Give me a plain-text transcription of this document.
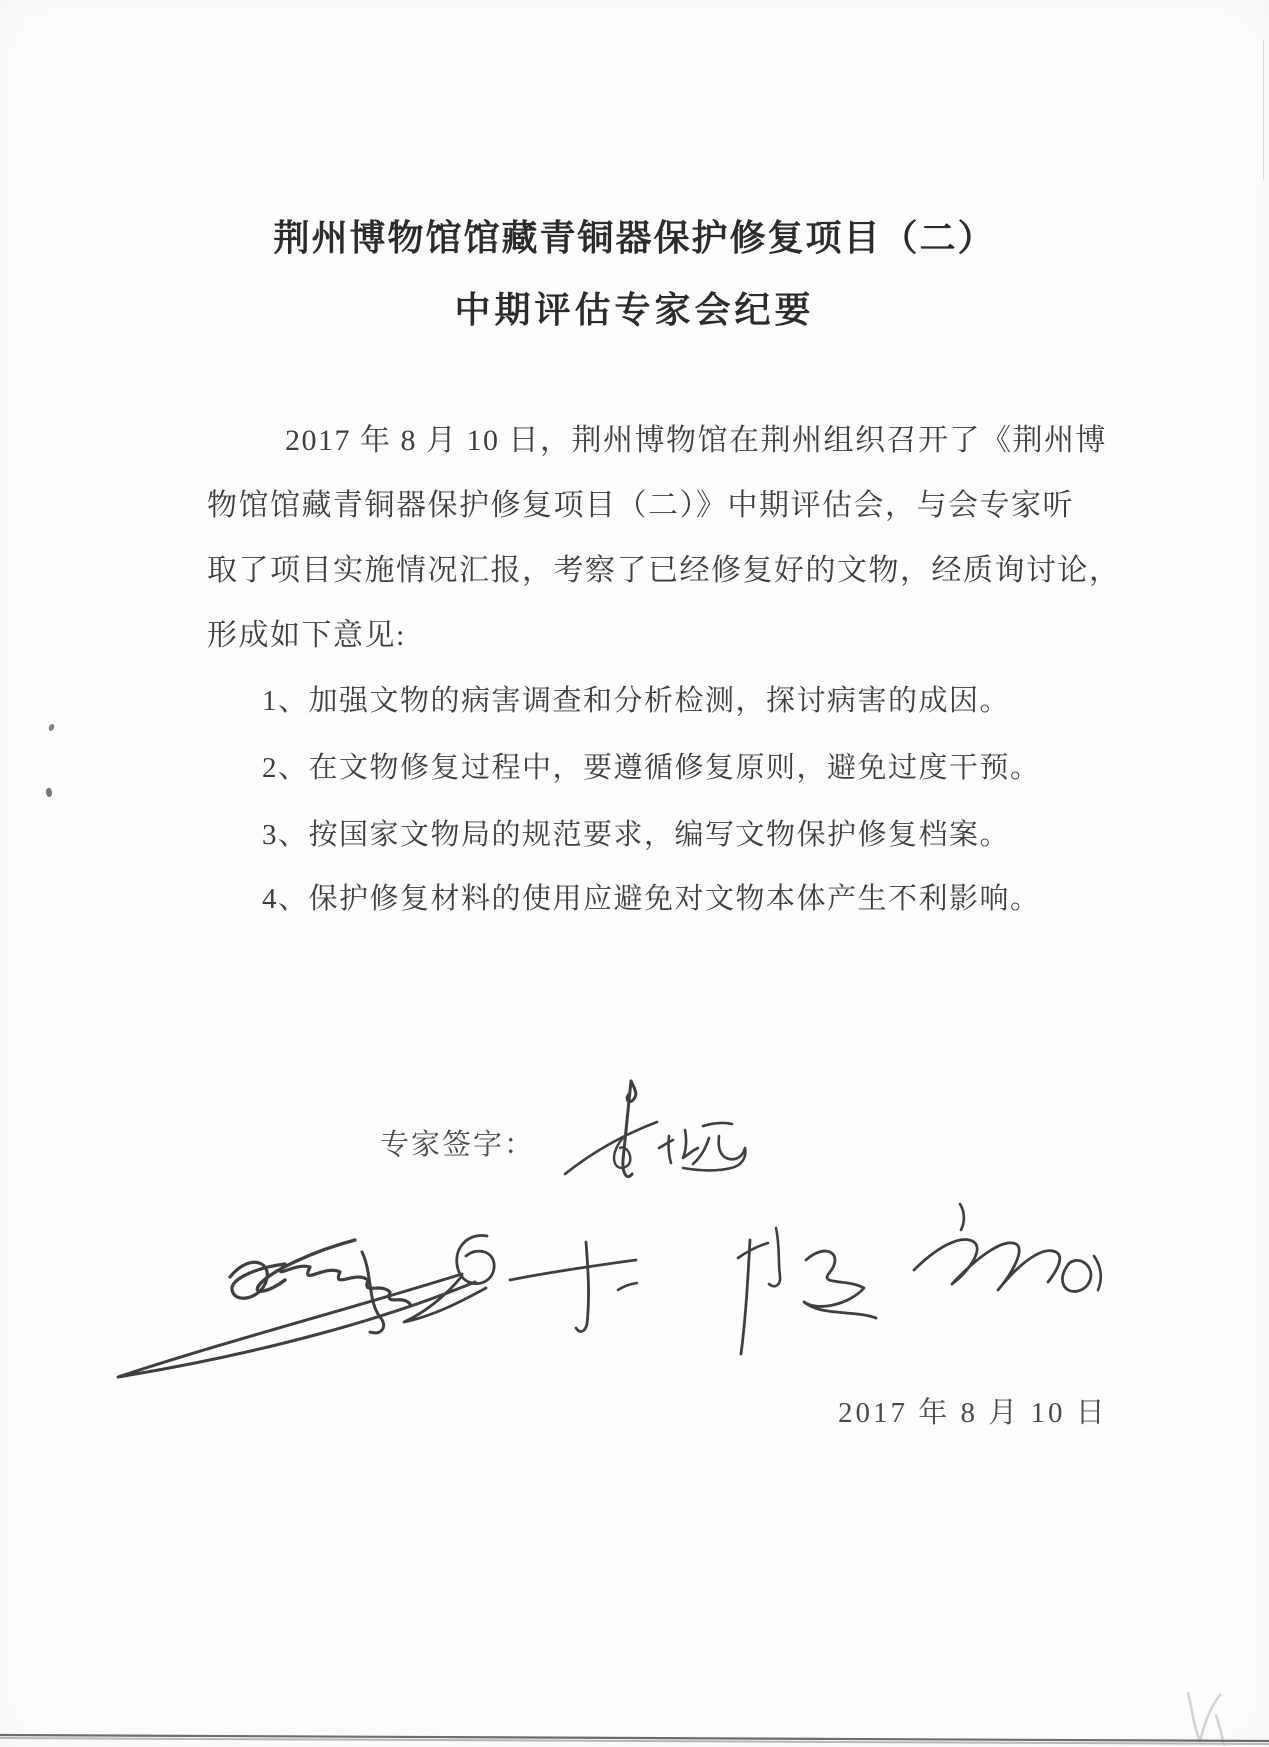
荆州博物馆馆藏青铜器保护修复项目（二）
中期评估专家会纪要
2017 年 8 月 10 日，荆州博物馆在荆州组织召开了《荆州博
物馆馆藏青铜器保护修复项目（二）》中期评估会，与会专家听
取了项目实施情况汇报，考察了已经修复好的文物，经质询讨论，
形成如下意见:
1、加强文物的病害调查和分析检测，探讨病害的成因。
2、在文物修复过程中，要遵循修复原则，避免过度干预。
3、按国家文物局的规范要求，编写文物保护修复档案。
4、保护修复材料的使用应避免对文物本体产生不利影响。
专家签字：
2017 年 8 月 10 日
